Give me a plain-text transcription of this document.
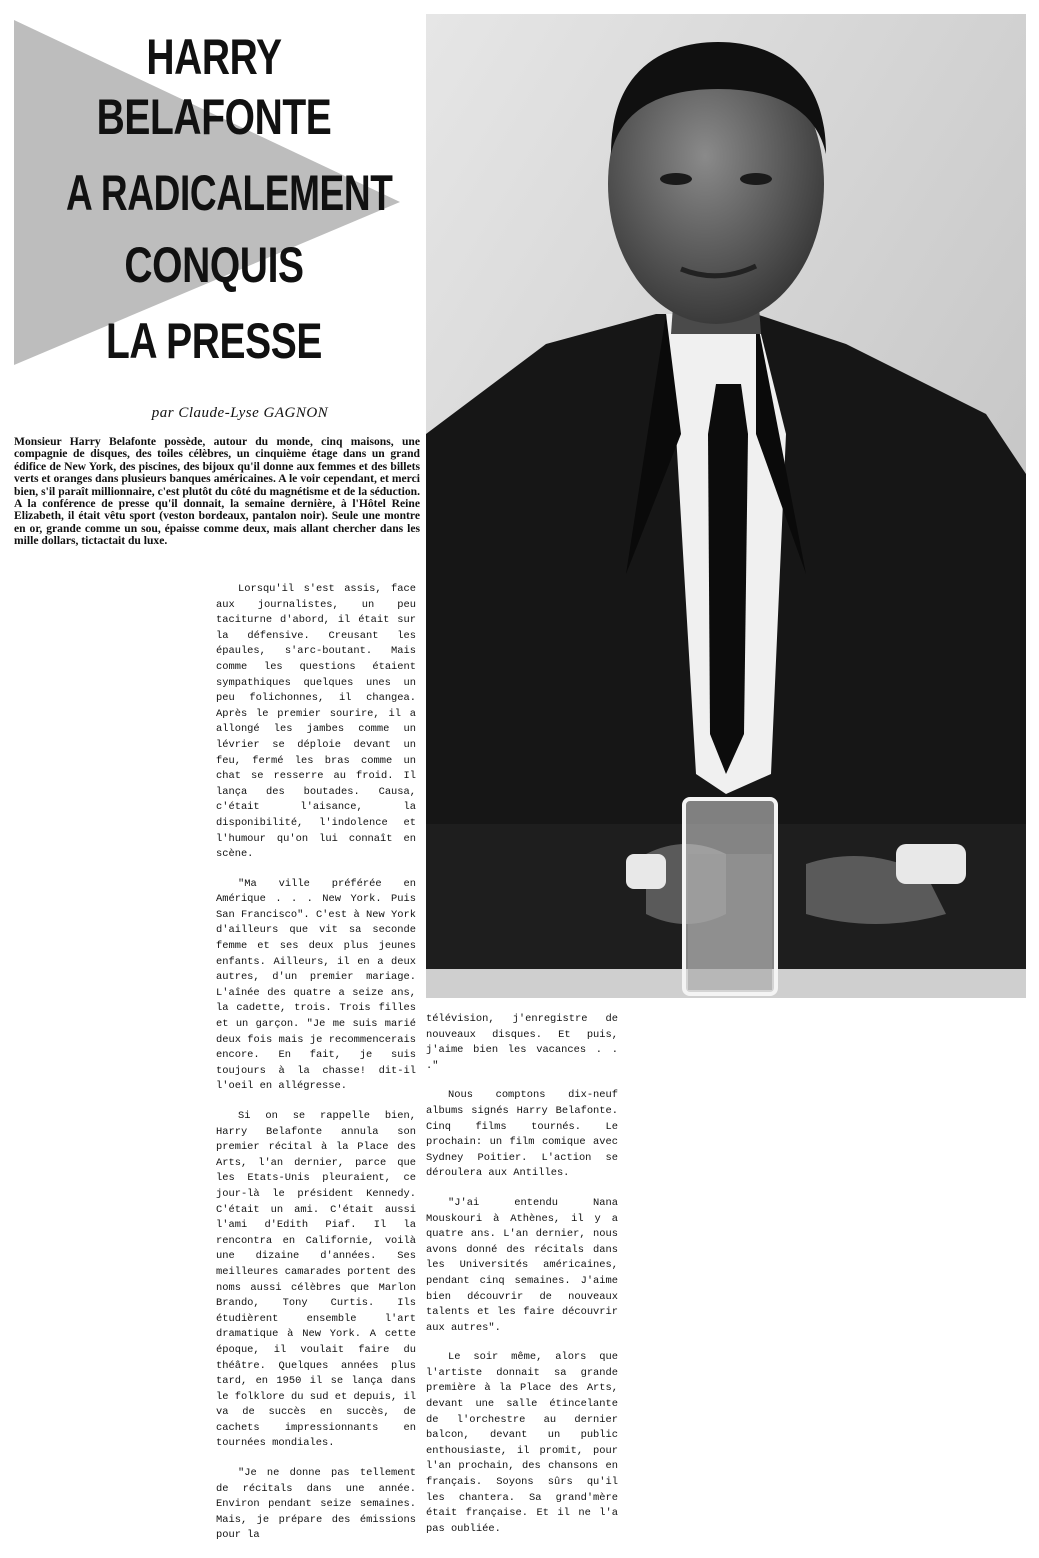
HARRY
BELAFONTE
A RADICALEMENT
CONQUIS
LA PRESSE

par Claude-Lyse GAGNON

Monsieur Harry Belafonte possède, autour du monde, cinq maisons, une compagnie de disques, des toiles célèbres, un cinquième étage dans un grand édifice de New York, des piscines, des bijoux qu'il donne aux femmes et des billets verts et oranges dans plusieurs banques américaines. A le voir cependant, et merci bien, s'il paraît millionnaire, c'est plutôt du côté du magnétisme et de la séduction. A la conférence de presse qu'il donnait, la semaine dernière, à l'Hôtel Reine Elizabeth, il était vêtu sport (veston bordeaux, pantalon noir). Seule une montre en or, grande comme un sou, épaisse comme deux, mais allant chercher dans les mille dollars, tictactait du luxe.

Lorsqu'il s'est assis, face aux journalistes, un peu taciturne d'abord, il était sur la défensive. Creusant les épaules, s'arc-boutant. Mais comme les questions étaient sympathiques quelques unes un peu folichonnes, il changea. Après le premier sourire, il a allongé les jambes comme un lévrier se déploie devant un feu, fermé les bras comme un chat se resserre au froid. Il lança des boutades. Causa, c'était l'aisance, la disponibilité, l'indolence et l'humour qu'on lui connaît en scène.

"Ma ville préférée en Amérique . . . New York. Puis San Francisco". C'est à New York d'ailleurs que vit sa seconde femme et ses deux plus jeunes enfants. Ailleurs, il en a deux autres, d'un premier mariage. L'aînée des quatre a seize ans, la cadette, trois. Trois filles et un garçon. "Je me suis marié deux fois mais je recommencerais encore. En fait, je suis toujours à la chasse! dit-il l'oeil en allégresse.

Si on se rappelle bien, Harry Belafonte annula son premier récital à la Place des Arts, l'an dernier, parce que les Etats-Unis pleuraient, ce jour-là le président Kennedy. C'était un ami. C'était aussi l'ami d'Edith Piaf. Il la rencontra en Californie, voilà une dizaine d'années. Ses meilleures camarades portent des noms aussi célèbres que Marlon Brando, Tony Curtis. Ils étudièrent ensemble l'art dramatique à New York. A cette époque, il voulait faire du théâtre. Quelques années plus tard, en 1950 il se lança dans le folklore du sud et depuis, il va de succès en succès, de cachets impressionnants en tournées mondiales.

"Je ne donne pas tellement de récitals dans une année. Environ pendant seize semaines. Mais, je prépare des émissions pour la

télévision, j'enregistre de nouveaux disques. Et puis, j'aime bien les vacances . . ."

Nous comptons dix-neuf albums signés Harry Belafonte. Cinq films tournés. Le prochain: un film comique avec Sydney Poitier. L'action se déroulera aux Antilles.

"J'ai entendu Nana Mouskouri à Athènes, il y a quatre ans. L'an dernier, nous avons donné des récitals dans les Universités américaines, pendant cinq semaines. J'aime bien découvrir de nouveaux talents et les faire découvrir aux autres".

Le soir même, alors que l'artiste donnait sa grande première à la Place des Arts, devant une salle étincelante de l'orchestre au dernier balcon, devant un public enthousiaste, il promit, pour l'an prochain, des chansons en français. Soyons sûrs qu'il les chantera. Sa grand'mère était française. Et il ne l'a pas oubliée.
